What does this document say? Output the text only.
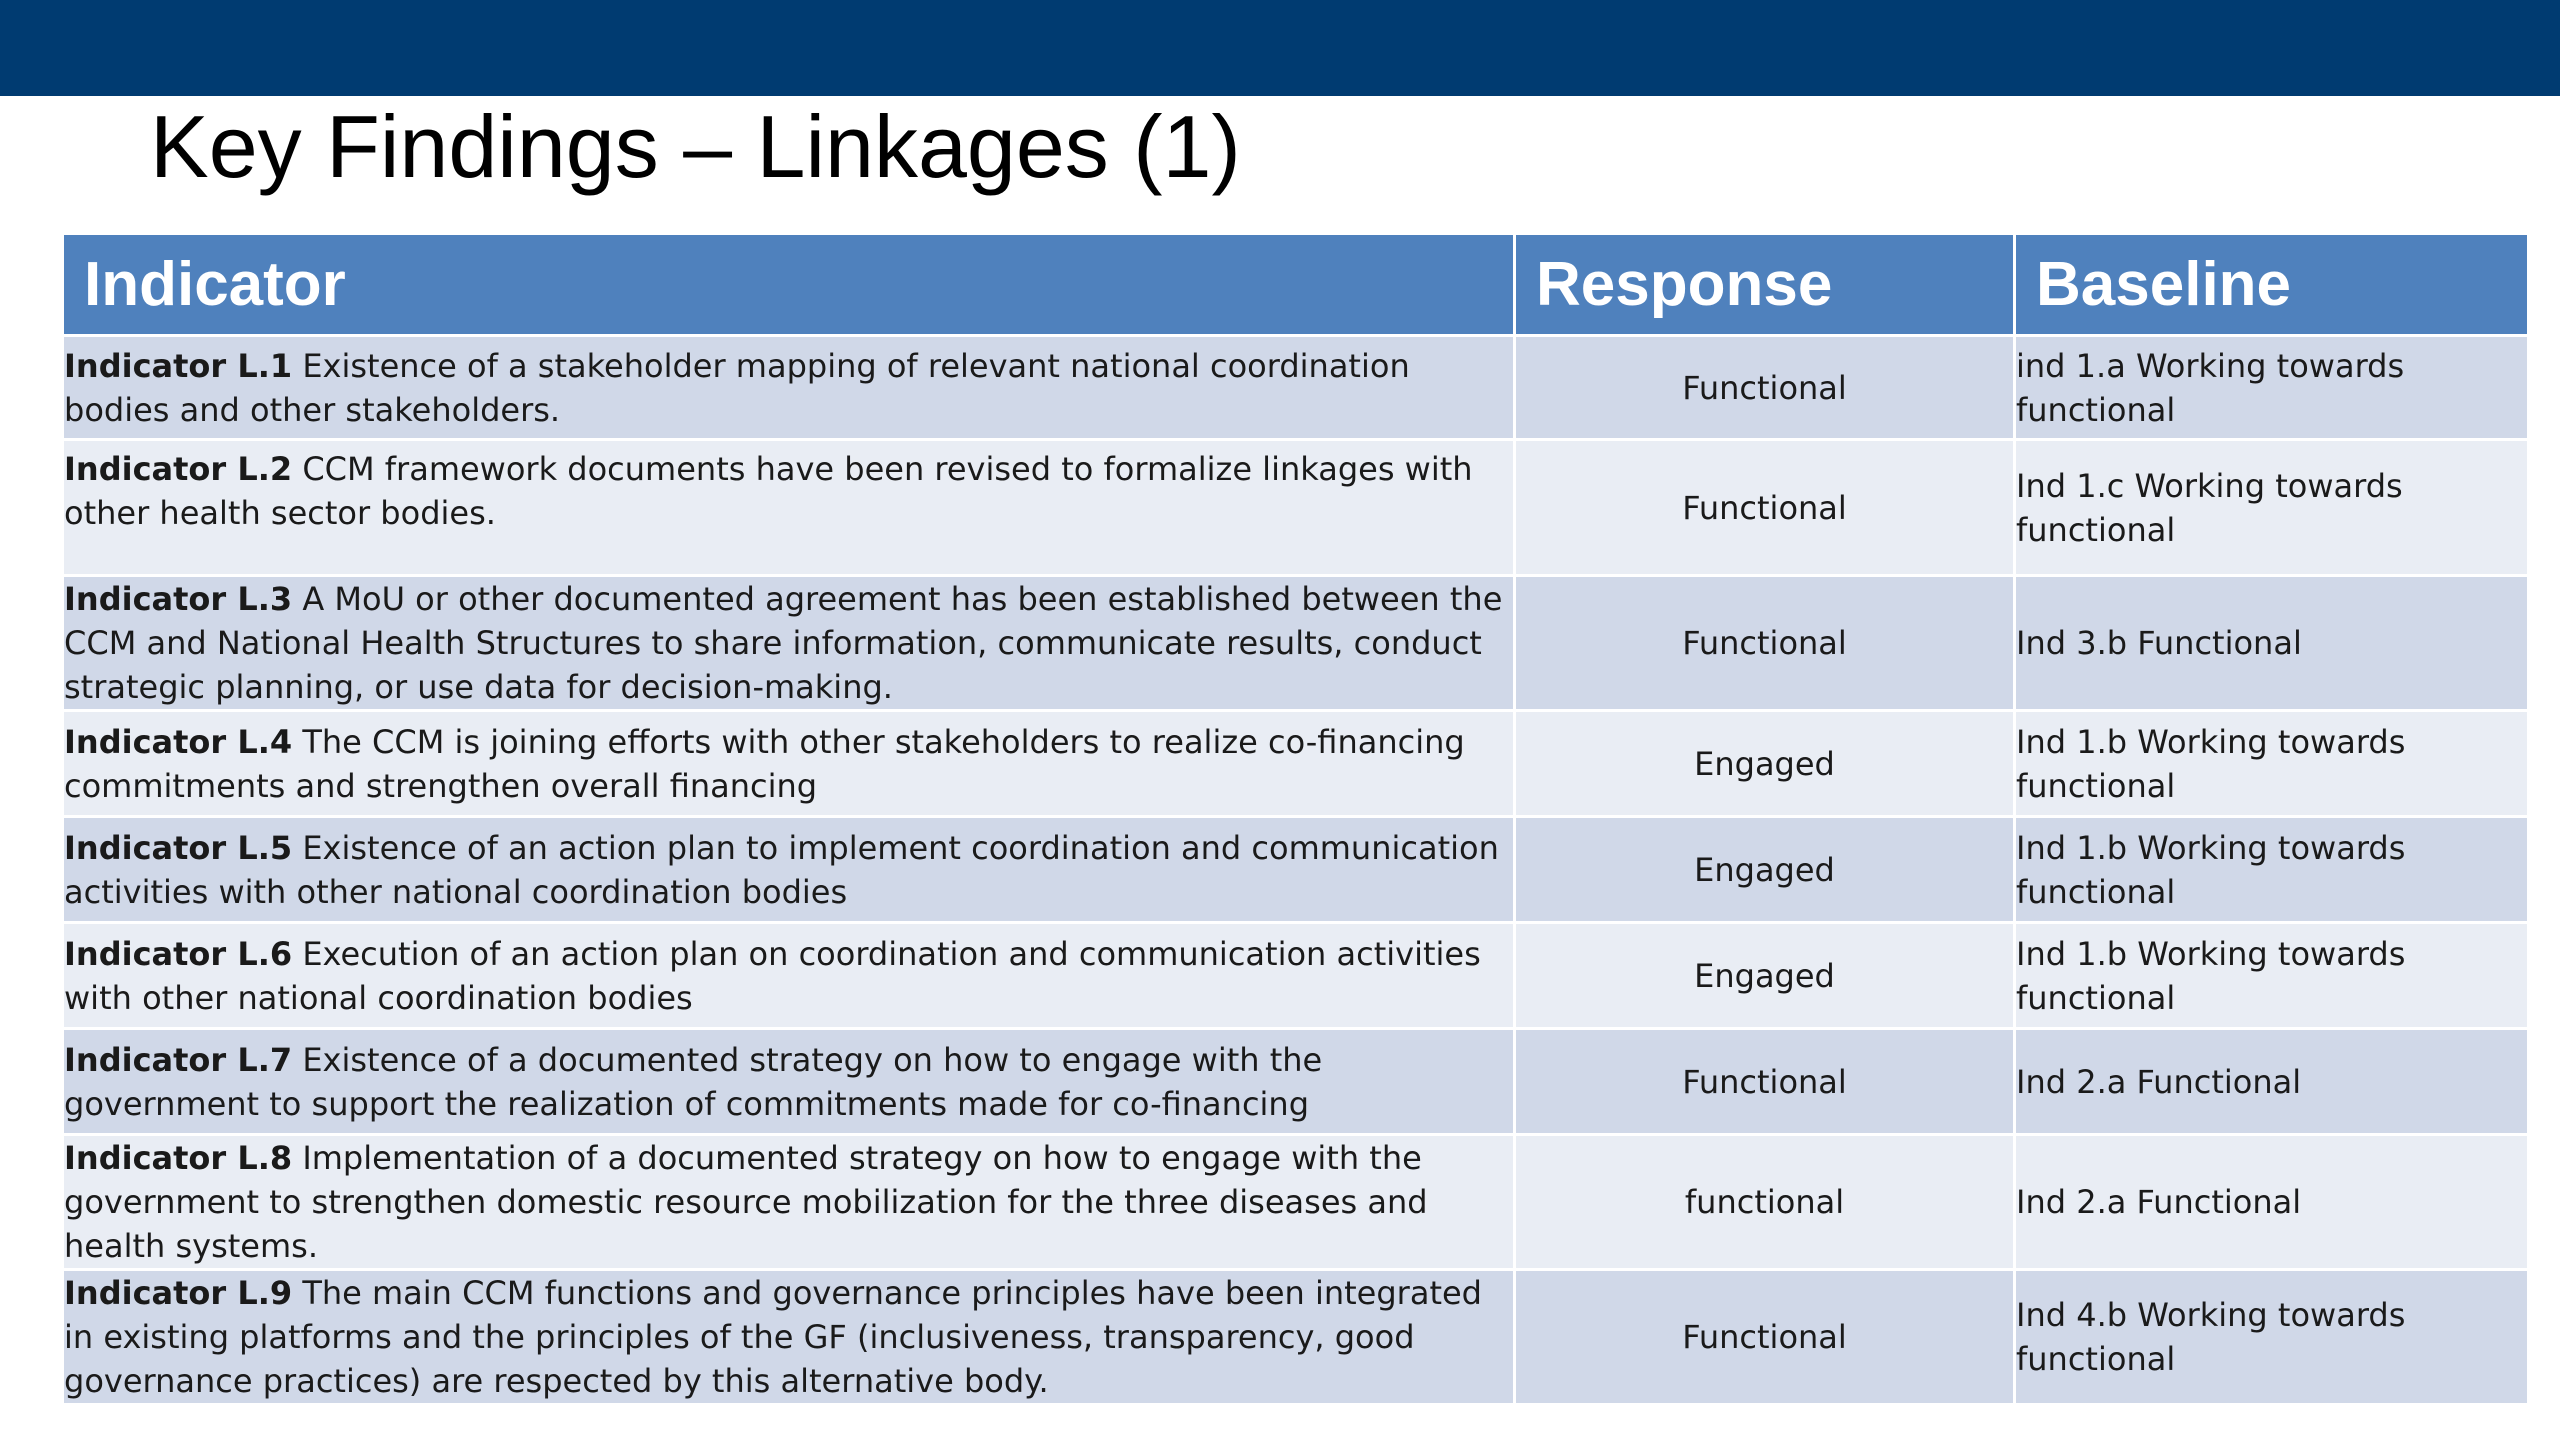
Key Findings – Linkages (1)
Indicator	Response	Baseline
Indicator L.1 Existence of a stakeholder mapping of relevant national coordination bodies and other stakeholders.	Functional	ind 1.a Working towards functional
Indicator L.2 CCM framework documents have been revised to formalize linkages with other health sector bodies.	Functional	Ind 1.c Working towards functional
Indicator L.3 A MoU or other documented agreement has been established between the CCM and National Health Structures to share information, communicate results, conduct strategic planning, or use data for decision-making.	Functional	Ind 3.b Functional
Indicator L.4 The CCM is joining efforts with other stakeholders to realize co-financing commitments and strengthen overall financing	Engaged	Ind 1.b Working towards functional
Indicator L.5 Existence of an action plan to implement coordination and communication activities with other national coordination bodies	Engaged	Ind 1.b Working towards functional
Indicator L.6 Execution of an action plan on coordination and communication activities with other national coordination bodies	Engaged	Ind 1.b Working towards functional
Indicator L.7 Existence of a documented strategy on how to engage with the government to support the realization of commitments made for co-financing	Functional	Ind 2.a Functional
Indicator L.8 Implementation of a documented strategy on how to engage with the government to strengthen domestic resource mobilization for the three diseases and health systems.	functional	Ind 2.a Functional
Indicator L.9 The main CCM functions and governance principles have been integrated in existing platforms and the principles of the GF (inclusiveness, transparency, good governance practices) are respected by this alternative body.	Functional	Ind 4.b Working towards functional
